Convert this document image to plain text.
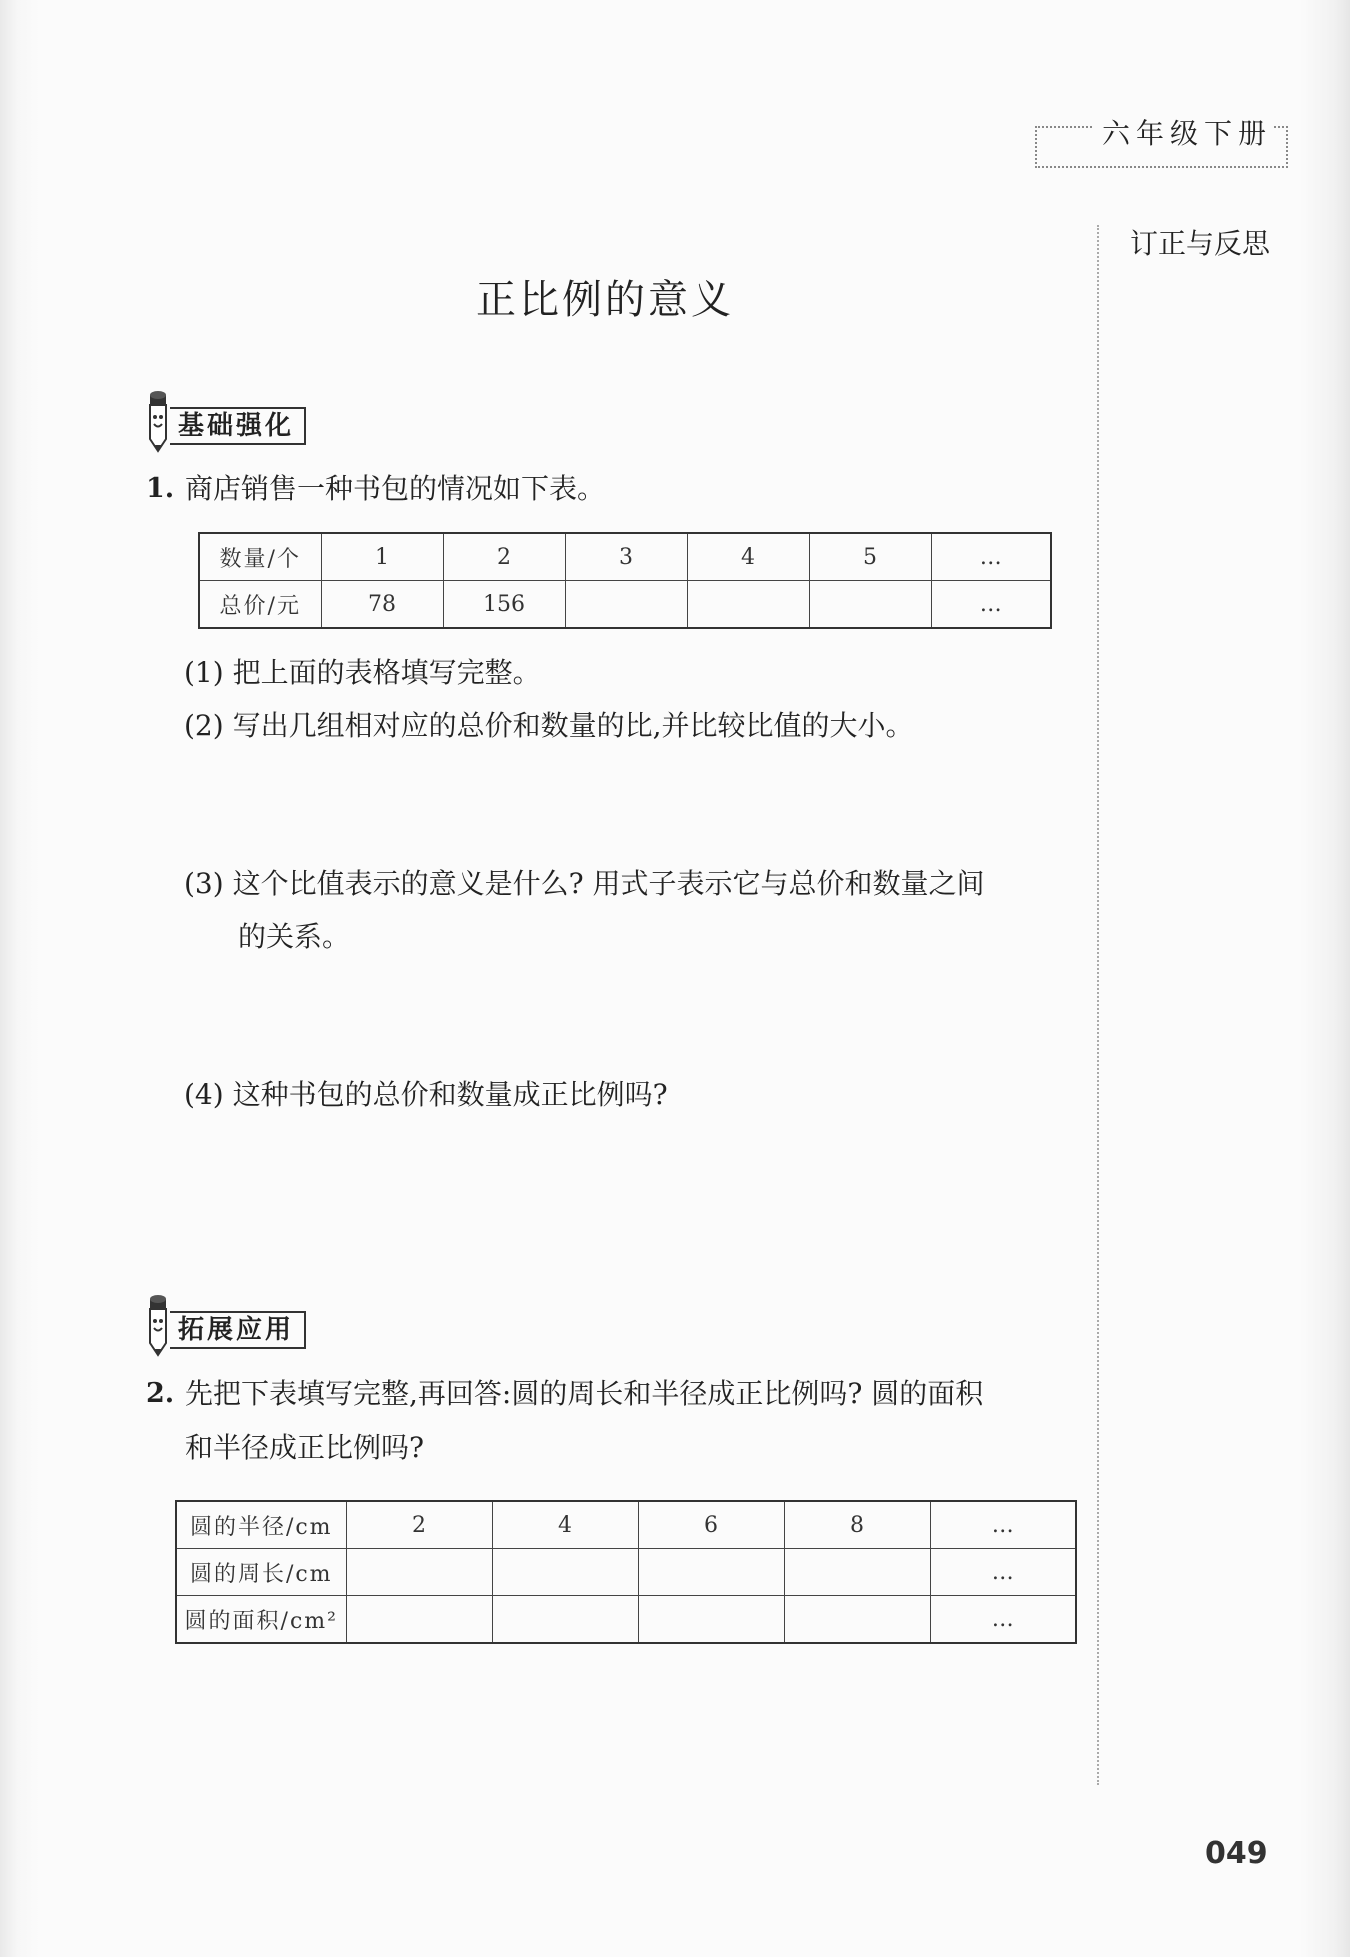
六年级下册
订正与反思
正比例的意义
基础强化
1. 商店销售一种书包的情况如下表。
数量/个	1	2	3	4	5	…
总价/元	78	156				…
(1) 把上面的表格填写完整。
(2) 写出几组相对应的总价和数量的比,并比较比值的大小。
(3) 这个比值表示的意义是什么? 用式子表示它与总价和数量之间
的关系。
(4) 这种书包的总价和数量成正比例吗?
拓展应用
2. 先把下表填写完整,再回答:圆的周长和半径成正比例吗? 圆的面积
和半径成正比例吗?
圆的半径/cm	2	4	6	8	…
圆的周长/cm					…
圆的面积/cm²					…
049
